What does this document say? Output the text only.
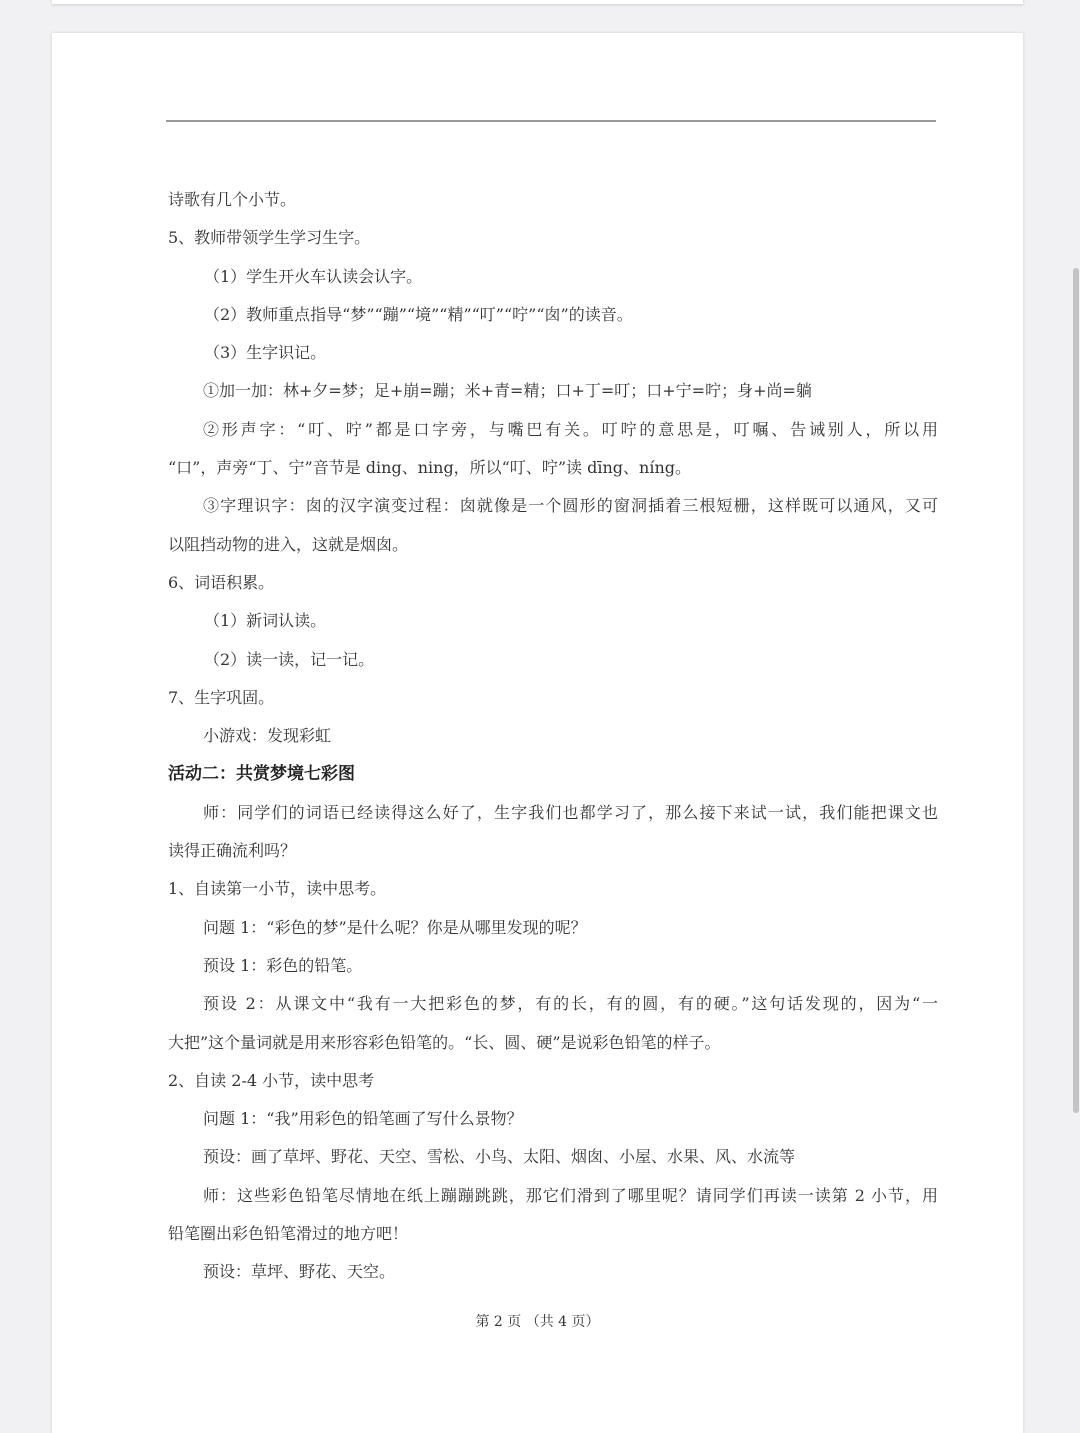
诗歌有几个小节。
5、教师带领学生学习生字。
（1）学生开火车认读会认字。
（2）教师重点指导“梦”“蹦”“境”“精”“叮”“咛”“囱”的读音。
（3）生字识记。
①加一加：林+夕=梦；足+崩=蹦；米+青=精；口+丁=叮；口+宁=咛；身+尚=躺
②形声字：“叮、咛”都是口字旁，与嘴巴有关。叮咛的意思是，叮嘱、告诫别人，所以用
“口”，声旁“丁、宁”音节是 ding、ning，所以“叮、咛”读 dīng、níng。
③字理识字：囱的汉字演变过程：囱就像是一个圆形的窗洞插着三根短栅，这样既可以通风，又可
以阻挡动物的进入，这就是烟囱。
6、词语积累。
（1）新词认读。
（2）读一读，记一记。
7、生字巩固。
小游戏：发现彩虹
活动二：共赏梦境七彩图
师：同学们的词语已经读得这么好了，生字我们也都学习了，那么接下来试一试，我们能把课文也
读得正确流利吗？
1、自读第一小节，读中思考。
问题 1：“彩色的梦”是什么呢？你是从哪里发现的呢？
预设 1：彩色的铅笔。
预设 2：从课文中“我有一大把彩色的梦，有的长，有的圆，有的硬。”这句话发现的，因为“一
大把”这个量词就是用来形容彩色铅笔的。“长、圆、硬”是说彩色铅笔的样子。
2、自读 2-4 小节，读中思考
问题 1：“我”用彩色的铅笔画了写什么景物？
预设：画了草坪、野花、天空、雪松、小鸟、太阳、烟囱、小屋、水果、风、水流等
师：这些彩色铅笔尽情地在纸上蹦蹦跳跳，那它们滑到了哪里呢？请同学们再读一读第 2 小节，用
铅笔圈出彩色铅笔滑过的地方吧！
预设：草坪、野花、天空。
第 2 页 （共 4 页）
